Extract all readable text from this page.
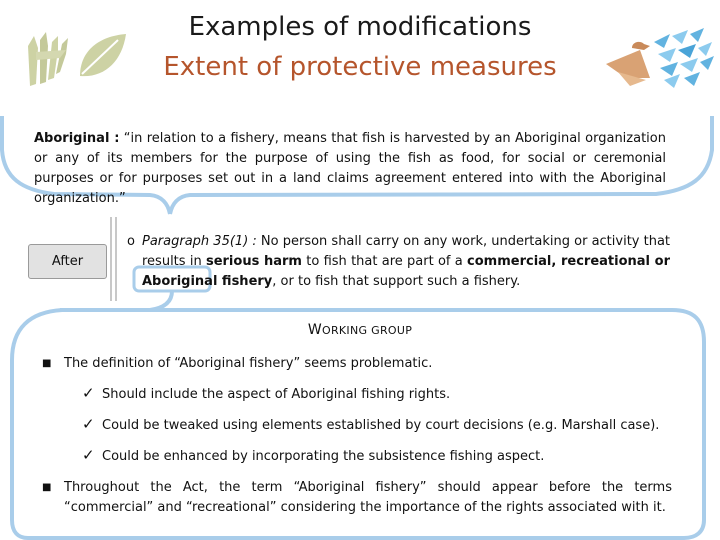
Examples of modifications
Extent of protective measures
Aboriginal : “in relation to a fishery, means that fish is harvested by an Aboriginal organization or any of its members for the purpose of using the fish as food, for social or ceremonial purposes or for purposes set out in a land claims agreement entered into with the Aboriginal organization.”
After
o Paragraph 35(1) : No person shall carry on any work, undertaking or activity that results in serious harm to fish that are part of a commercial, recreational or Aboriginal fishery, or to fish that support such a fishery.
WORKING GROUP
■ The definition of “Aboriginal fishery” seems problematic.
✓ Should include the aspect of Aboriginal fishing rights.
✓ Could be tweaked using elements established by court decisions (e.g. Marshall case).
✓ Could be enhanced by incorporating the subsistence fishing aspect.
■ Throughout the Act, the term “Aboriginal fishery” should appear before the terms “commercial” and “recreational” considering the importance of the rights associated with it.
